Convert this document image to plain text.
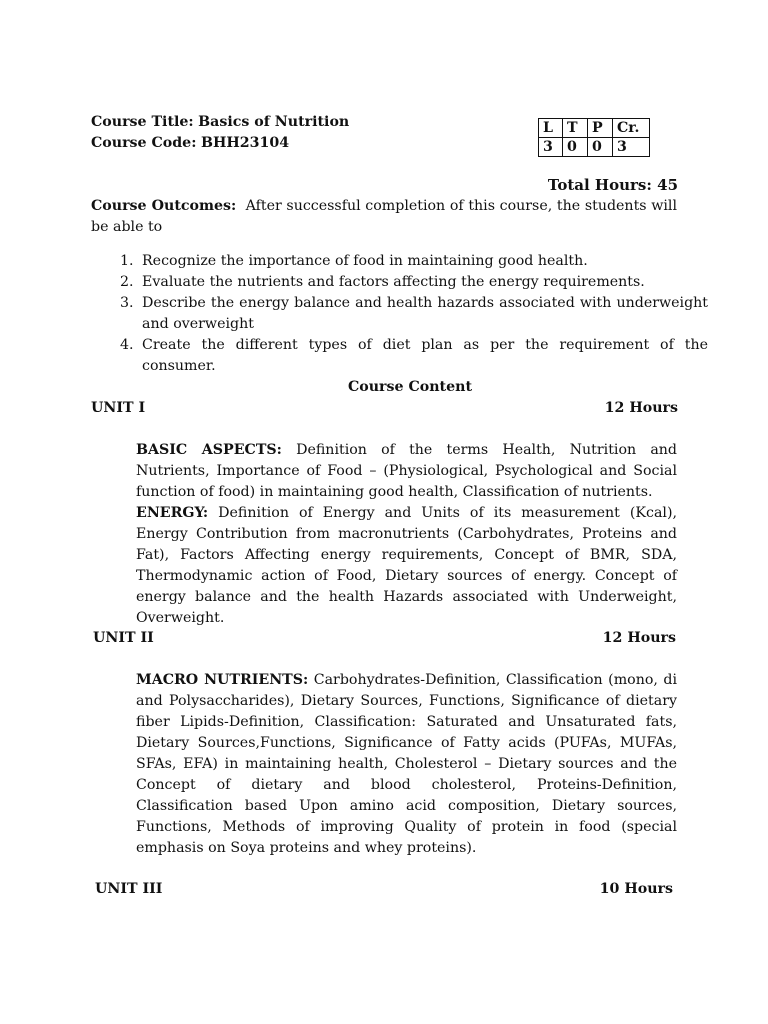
Course Title: Basics of Nutrition
Course Code: BHH23104
L	T	P	Cr.
3	0	0	3
Total Hours: 45
Course Outcomes: After successful completion of this course, the students will be able to
1. Recognize the importance of food in maintaining good health.
2. Evaluate the nutrients and factors affecting the energy requirements.
3. Describe the energy balance and health hazards associated with underweight and overweight
4. Create the different types of diet plan as per the requirement of the consumer.
Course Content
UNIT I	12 Hours
BASIC ASPECTS: Definition of the terms Health, Nutrition and Nutrients, Importance of Food – (Physiological, Psychological and Social function of food) in maintaining good health, Classification of nutrients.
ENERGY: Definition of Energy and Units of its measurement (Kcal), Energy Contribution from macronutrients (Carbohydrates, Proteins and Fat), Factors Affecting energy requirements, Concept of BMR, SDA, Thermodynamic action of Food, Dietary sources of energy. Concept of energy balance and the health Hazards associated with Underweight, Overweight.
UNIT II	12 Hours
MACRO NUTRIENTS: Carbohydrates-Definition, Classification (mono, di and Polysaccharides), Dietary Sources, Functions, Significance of dietary fiber Lipids-Definition, Classification: Saturated and Unsaturated fats, Dietary Sources,Functions, Significance of Fatty acids (PUFAs, MUFAs, SFAs, EFA) in maintaining health, Cholesterol – Dietary sources and the Concept of dietary and blood cholesterol, Proteins-Definition, Classification based Upon amino acid composition, Dietary sources, Functions, Methods of improving Quality of protein in food (special emphasis on Soya proteins and whey proteins).
UNIT III	10 Hours
